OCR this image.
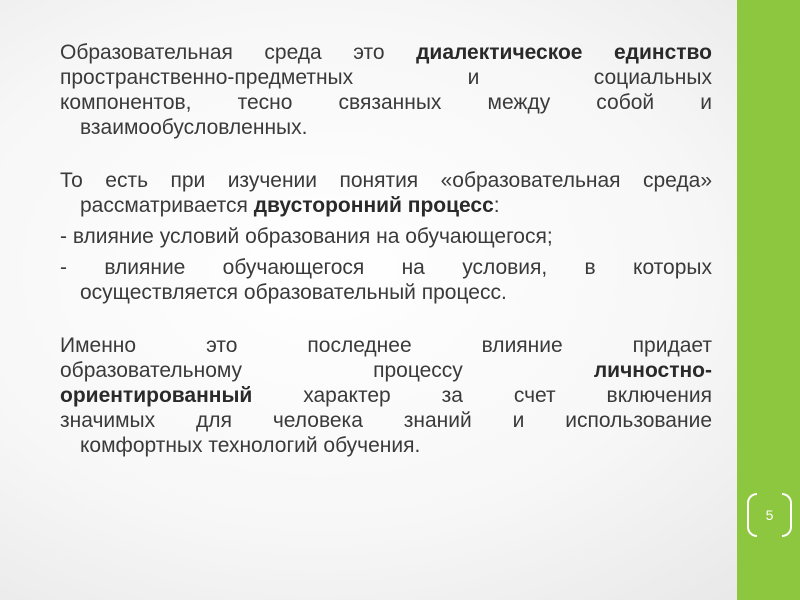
Образовательная среда это диалектическое единство
пространственно-предметных и социальных
компонентов, тесно связанных между собой и
взаимообусловленных.

То есть при изучении понятия «образовательная среда»
рассматривается двусторонний процесс:

- влияние условий образования на обучающегося;

- влияние обучающегося на условия, в которых
осуществляется образовательный процесс.

Именно это последнее влияние придает
образовательному процессу личностно-
ориентированный характер за счет включения
значимых для человека знаний и использование
комфортных технологий обучения.

5
